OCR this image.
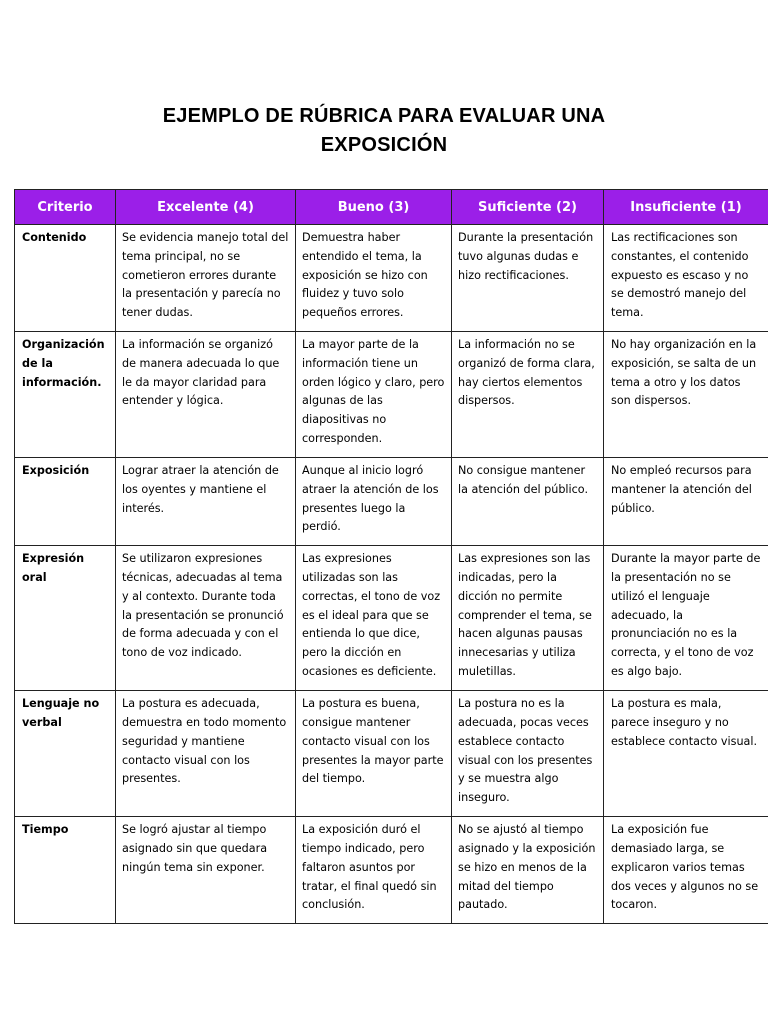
EJEMPLO DE RÚBRICA PARA EVALUAR UNA
EXPOSICIÓN
Criterio	Excelente (4)	Bueno (3)	Suficiente (2)	Insuficiente (1)
Contenido	Se evidencia manejo total del tema principal, no se cometieron errores durante la presentación y parecía no tener dudas.	Demuestra haber entendido el tema, la exposición se hizo con fluidez y tuvo solo pequeños errores.	Durante la presentación tuvo algunas dudas e hizo rectificaciones.	Las rectificaciones son constantes, el contenido expuesto es escaso y no se demostró manejo del tema.
Organización de la información.	La información se organizó de manera adecuada lo que le da mayor claridad para entender y lógica.	La mayor parte de la información tiene un orden lógico y claro, pero algunas de las diapositivas no corresponden.	La información no se organizó de forma clara, hay ciertos elementos dispersos.	No hay organización en la exposición, se salta de un tema a otro y los datos son dispersos.
Exposición	Lograr atraer la atención de los oyentes y mantiene el interés.	Aunque al inicio logró atraer la atención de los presentes luego la perdió.	No consigue mantener la atención del público.	No empleó recursos para mantener la atención del público.
Expresión oral	Se utilizaron expresiones técnicas, adecuadas al tema y al contexto. Durante toda la presentación se pronunció de forma adecuada y con el tono de voz indicado.	Las expresiones utilizadas son las correctas, el tono de voz es el ideal para que se entienda lo que dice, pero la dicción en ocasiones es deficiente.	Las expresiones son las indicadas, pero la dicción no permite comprender el tema, se hacen algunas pausas innecesarias y utiliza muletillas.	Durante la mayor parte de la presentación no se utilizó el lenguaje adecuado, la pronunciación no es la correcta, y el tono de voz es algo bajo.
Lenguaje no verbal	La postura es adecuada, demuestra en todo momento seguridad y mantiene contacto visual con los presentes.	La postura es buena, consigue mantener contacto visual con los presentes la mayor parte del tiempo.	La postura no es la adecuada, pocas veces establece contacto visual con los presentes y se muestra algo inseguro.	La postura es mala, parece inseguro y no establece contacto visual.
Tiempo	Se logró ajustar al tiempo asignado sin que quedara ningún tema sin exponer.	La exposición duró el tiempo indicado, pero faltaron asuntos por tratar, el final quedó sin conclusión.	No se ajustó al tiempo asignado y la exposición se hizo en menos de la mitad del tiempo pautado.	La exposición fue demasiado larga, se explicaron varios temas dos veces y algunos no se tocaron.
